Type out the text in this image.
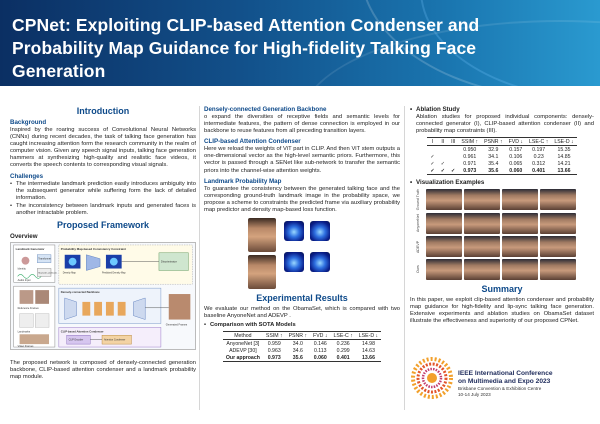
CPNet: Exploiting CLIP-based Attention Condenser and Probability Map Guidance for High-fidelity Talking Face Generation
Introduction
Background
Inspired by the roaring success of Convolutional Neural Networks (CNNs) during recent decades, the task of talking face generation has caught increasing attention form the research community in the realm of computer vision. Given any speech signal inputs, talking face generation hammers at synthesizing high-quality and realistic face videos, it converts the speech contents to corresponding visual signals.
Challenges
• The intermediate landmark prediction easily introduces ambiguity into the subsequent generator while suffering form the lack of detailed information.
• The inconsistency between landmark inputs and generated faces is another intractable problem.
Proposed Framework
Overview
Landmark Generator
Identity
Audio Input
Transformer
Stacked Landmarks
Probability Map-based Consistency Constraint
Density Map	Predicted Density Map
Discriminator
Reference Frames
Landmarks
Video Frames
Densely-connected Backbone
Generated Frames
CLIP-based Attention Condenser
CLIP Encoder	Attention Condenser
The proposed network is composed of densely-connected generation backbone, CLIP-based attention condenser and a landmark probability map module.
Densely-connected Generation Backbone
o expand the diversities of receptive fields and semantic levels for intermediate features, the pattern of dense connection is employed in our backbone to reuse features from all preceding transition layers.
CLIP-based Attention Condenser
Here we reload the weights of ViT part in CLIP. And then ViT stem outputs a one-dimensional vector as the high-level semantic priors. Furthermore, this vector is passed through a SENet like sub-network to transfer the semantic priors into the channel-wise attention weights.
Landmark Probability Map
To guarantee the consistency between the generated talking face and the corresponding ground-truth landmark image in the probability space, we propose a scheme to constraints the predicted frame via auxiliary probability map predictor and density map-based loss function.
Experimental Results
We evaluate our method on the ObamaSet, which is compared with two baseline AnyoneNet and ADEVP .
• Comparison with SOTA Models
Method	SSIM ↑	PSNR ↑	FVD ↓	LSE-C ↑	LSE-D ↓
AnyoneNet [3]	0.959	34.0	0.146	0.236	14.98
ADEVP [30]	0.963	34.6	0.113	0.299	14.63
Our approach	0.973	35.6	0.060	0.401	13.66
• Ablation Study
Ablation studies for proposed individual components: densely-connected generator (I), CLIP-based attention condenser (II) and probability map constraints (III).
I	II	III	SSIM ↑	PSNR ↑	FVD ↓	LSE-C ↑	LSE-D ↓
			0.950	32.9	0.157	0.197	15.35
✓			0.961	34.1	0.106	0.23	14.85
✓	✓		0.971	35.4	0.065	0.312	14.21
✓	✓	✓	0.973	35.6	0.060	0.401	13.66
• Visualization Examples
Ground Truth
AnyoneNet
ADEVP
Ours
Summary
In this paper, we exploit clip-based attention condenser and probability map guidance for high-fidelity and lip-sync talking face generation. Extensive experiments and ablation studies on ObamaSet dataset illustrate the effectiveness and superiority of our proposed CPNet.
IEEE International Conference
on Multimedia and Expo 2023
Brisbane Convention & Exhibition Centre
10-14 July 2023
